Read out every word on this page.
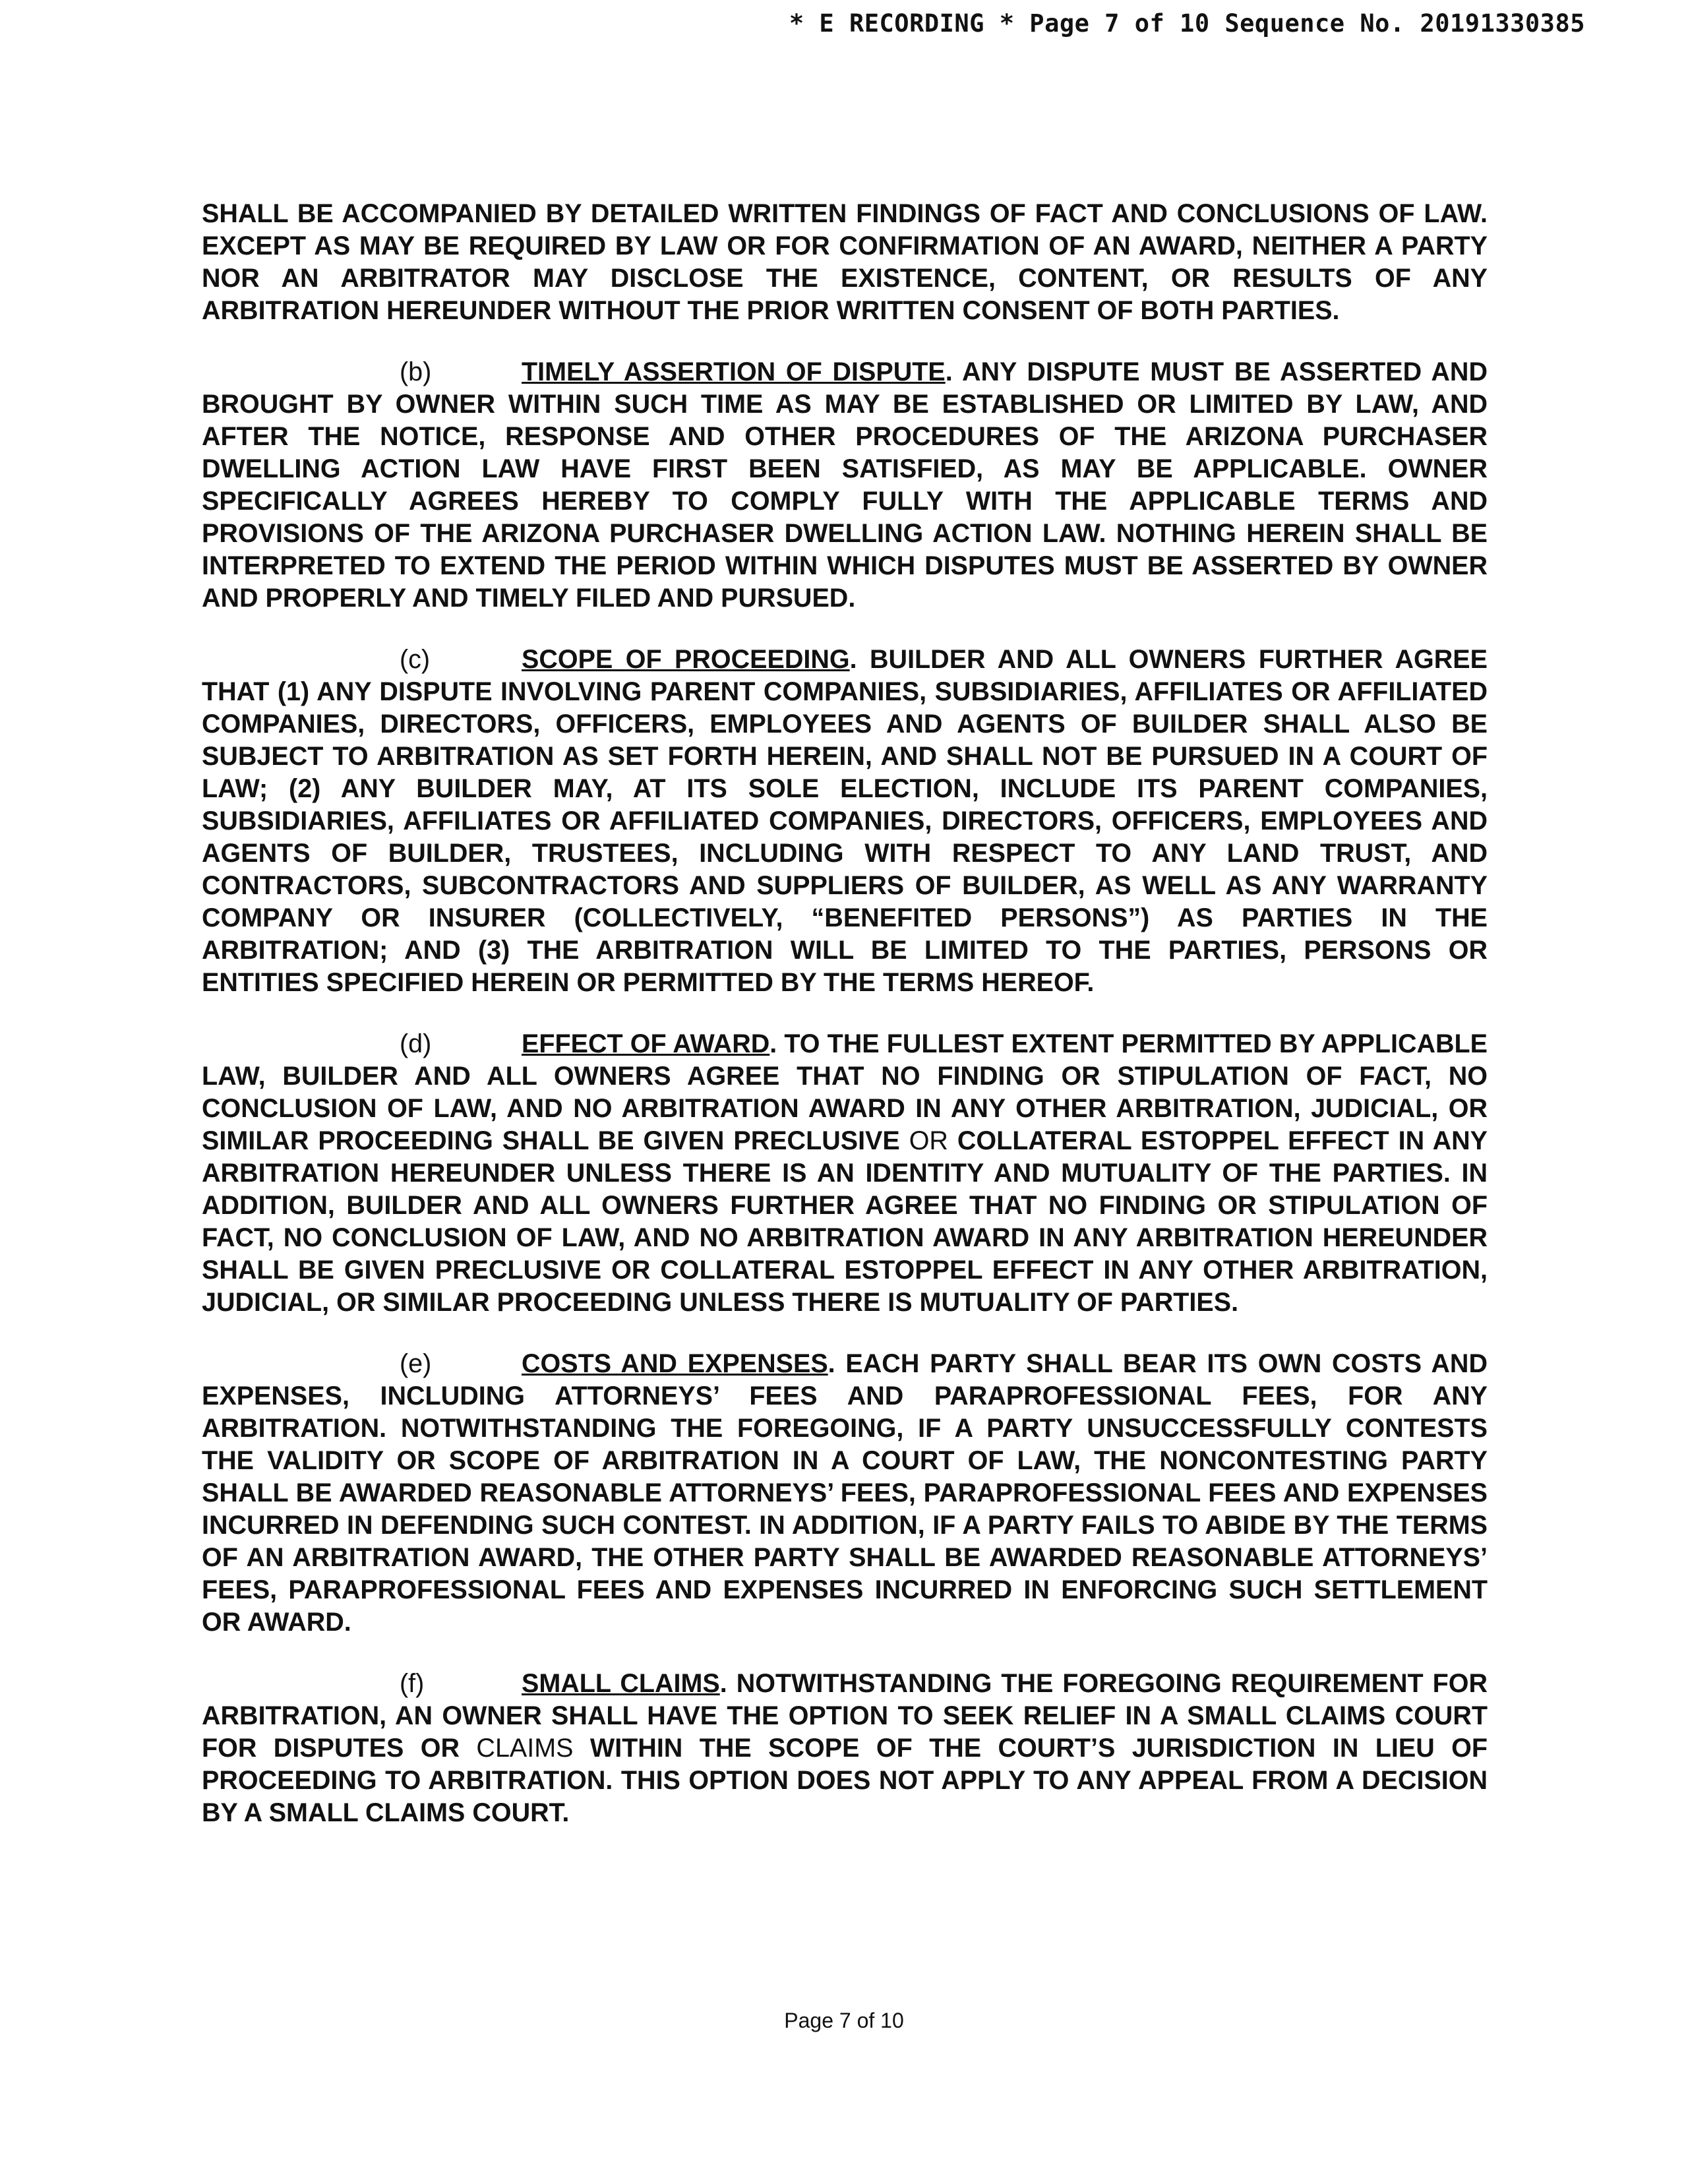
* E RECORDING * Page 7 of 10 Sequence No. 20191330385

SHALL BE ACCOMPANIED BY DETAILED WRITTEN FINDINGS OF FACT AND CONCLUSIONS OF LAW. EXCEPT AS MAY BE REQUIRED BY LAW OR FOR CONFIRMATION OF AN AWARD, NEITHER A PARTY NOR AN ARBITRATOR MAY DISCLOSE THE EXISTENCE, CONTENT, OR RESULTS OF ANY ARBITRATION HEREUNDER WITHOUT THE PRIOR WRITTEN CONSENT OF BOTH PARTIES.

(b)	TIMELY ASSERTION OF DISPUTE. ANY DISPUTE MUST BE ASSERTED AND BROUGHT BY OWNER WITHIN SUCH TIME AS MAY BE ESTABLISHED OR LIMITED BY LAW, AND AFTER THE NOTICE, RESPONSE AND OTHER PROCEDURES OF THE ARIZONA PURCHASER DWELLING ACTION LAW HAVE FIRST BEEN SATISFIED, AS MAY BE APPLICABLE. OWNER SPECIFICALLY AGREES HEREBY TO COMPLY FULLY WITH THE APPLICABLE TERMS AND PROVISIONS OF THE ARIZONA PURCHASER DWELLING ACTION LAW. NOTHING HEREIN SHALL BE INTERPRETED TO EXTEND THE PERIOD WITHIN WHICH DISPUTES MUST BE ASSERTED BY OWNER AND PROPERLY AND TIMELY FILED AND PURSUED.

(c)	SCOPE OF PROCEEDING. BUILDER AND ALL OWNERS FURTHER AGREE THAT (1) ANY DISPUTE INVOLVING PARENT COMPANIES, SUBSIDIARIES, AFFILIATES OR AFFILIATED COMPANIES, DIRECTORS, OFFICERS, EMPLOYEES AND AGENTS OF BUILDER SHALL ALSO BE SUBJECT TO ARBITRATION AS SET FORTH HEREIN, AND SHALL NOT BE PURSUED IN A COURT OF LAW; (2) ANY BUILDER MAY, AT ITS SOLE ELECTION, INCLUDE ITS PARENT COMPANIES, SUBSIDIARIES, AFFILIATES OR AFFILIATED COMPANIES, DIRECTORS, OFFICERS, EMPLOYEES AND AGENTS OF BUILDER, TRUSTEES, INCLUDING WITH RESPECT TO ANY LAND TRUST, AND CONTRACTORS, SUBCONTRACTORS AND SUPPLIERS OF BUILDER, AS WELL AS ANY WARRANTY COMPANY OR INSURER (COLLECTIVELY, “BENEFITED PERSONS”) AS PARTIES IN THE ARBITRATION; AND (3) THE ARBITRATION WILL BE LIMITED TO THE PARTIES, PERSONS OR ENTITIES SPECIFIED HEREIN OR PERMITTED BY THE TERMS HEREOF.

(d)	EFFECT OF AWARD. TO THE FULLEST EXTENT PERMITTED BY APPLICABLE LAW, BUILDER AND ALL OWNERS AGREE THAT NO FINDING OR STIPULATION OF FACT, NO CONCLUSION OF LAW, AND NO ARBITRATION AWARD IN ANY OTHER ARBITRATION, JUDICIAL, OR SIMILAR PROCEEDING SHALL BE GIVEN PRECLUSIVE OR COLLATERAL ESTOPPEL EFFECT IN ANY ARBITRATION HEREUNDER UNLESS THERE IS AN IDENTITY AND MUTUALITY OF THE PARTIES. IN ADDITION, BUILDER AND ALL OWNERS FURTHER AGREE THAT NO FINDING OR STIPULATION OF FACT, NO CONCLUSION OF LAW, AND NO ARBITRATION AWARD IN ANY ARBITRATION HEREUNDER SHALL BE GIVEN PRECLUSIVE OR COLLATERAL ESTOPPEL EFFECT IN ANY OTHER ARBITRATION, JUDICIAL, OR SIMILAR PROCEEDING UNLESS THERE IS MUTUALITY OF PARTIES.

(e)	COSTS AND EXPENSES. EACH PARTY SHALL BEAR ITS OWN COSTS AND EXPENSES, INCLUDING ATTORNEYS’ FEES AND PARAPROFESSIONAL FEES, FOR ANY ARBITRATION. NOTWITHSTANDING THE FOREGOING, IF A PARTY UNSUCCESSFULLY CONTESTS THE VALIDITY OR SCOPE OF ARBITRATION IN A COURT OF LAW, THE NONCONTESTING PARTY SHALL BE AWARDED REASONABLE ATTORNEYS’ FEES, PARAPROFESSIONAL FEES AND EXPENSES INCURRED IN DEFENDING SUCH CONTEST. IN ADDITION, IF A PARTY FAILS TO ABIDE BY THE TERMS OF AN ARBITRATION AWARD, THE OTHER PARTY SHALL BE AWARDED REASONABLE ATTORNEYS’ FEES, PARAPROFESSIONAL FEES AND EXPENSES INCURRED IN ENFORCING SUCH SETTLEMENT OR AWARD.

(f)	SMALL CLAIMS. NOTWITHSTANDING THE FOREGOING REQUIREMENT FOR ARBITRATION, AN OWNER SHALL HAVE THE OPTION TO SEEK RELIEF IN A SMALL CLAIMS COURT FOR DISPUTES OR CLAIMS WITHIN THE SCOPE OF THE COURT’S JURISDICTION IN LIEU OF PROCEEDING TO ARBITRATION. THIS OPTION DOES NOT APPLY TO ANY APPEAL FROM A DECISION BY A SMALL CLAIMS COURT.

Page 7 of 10
